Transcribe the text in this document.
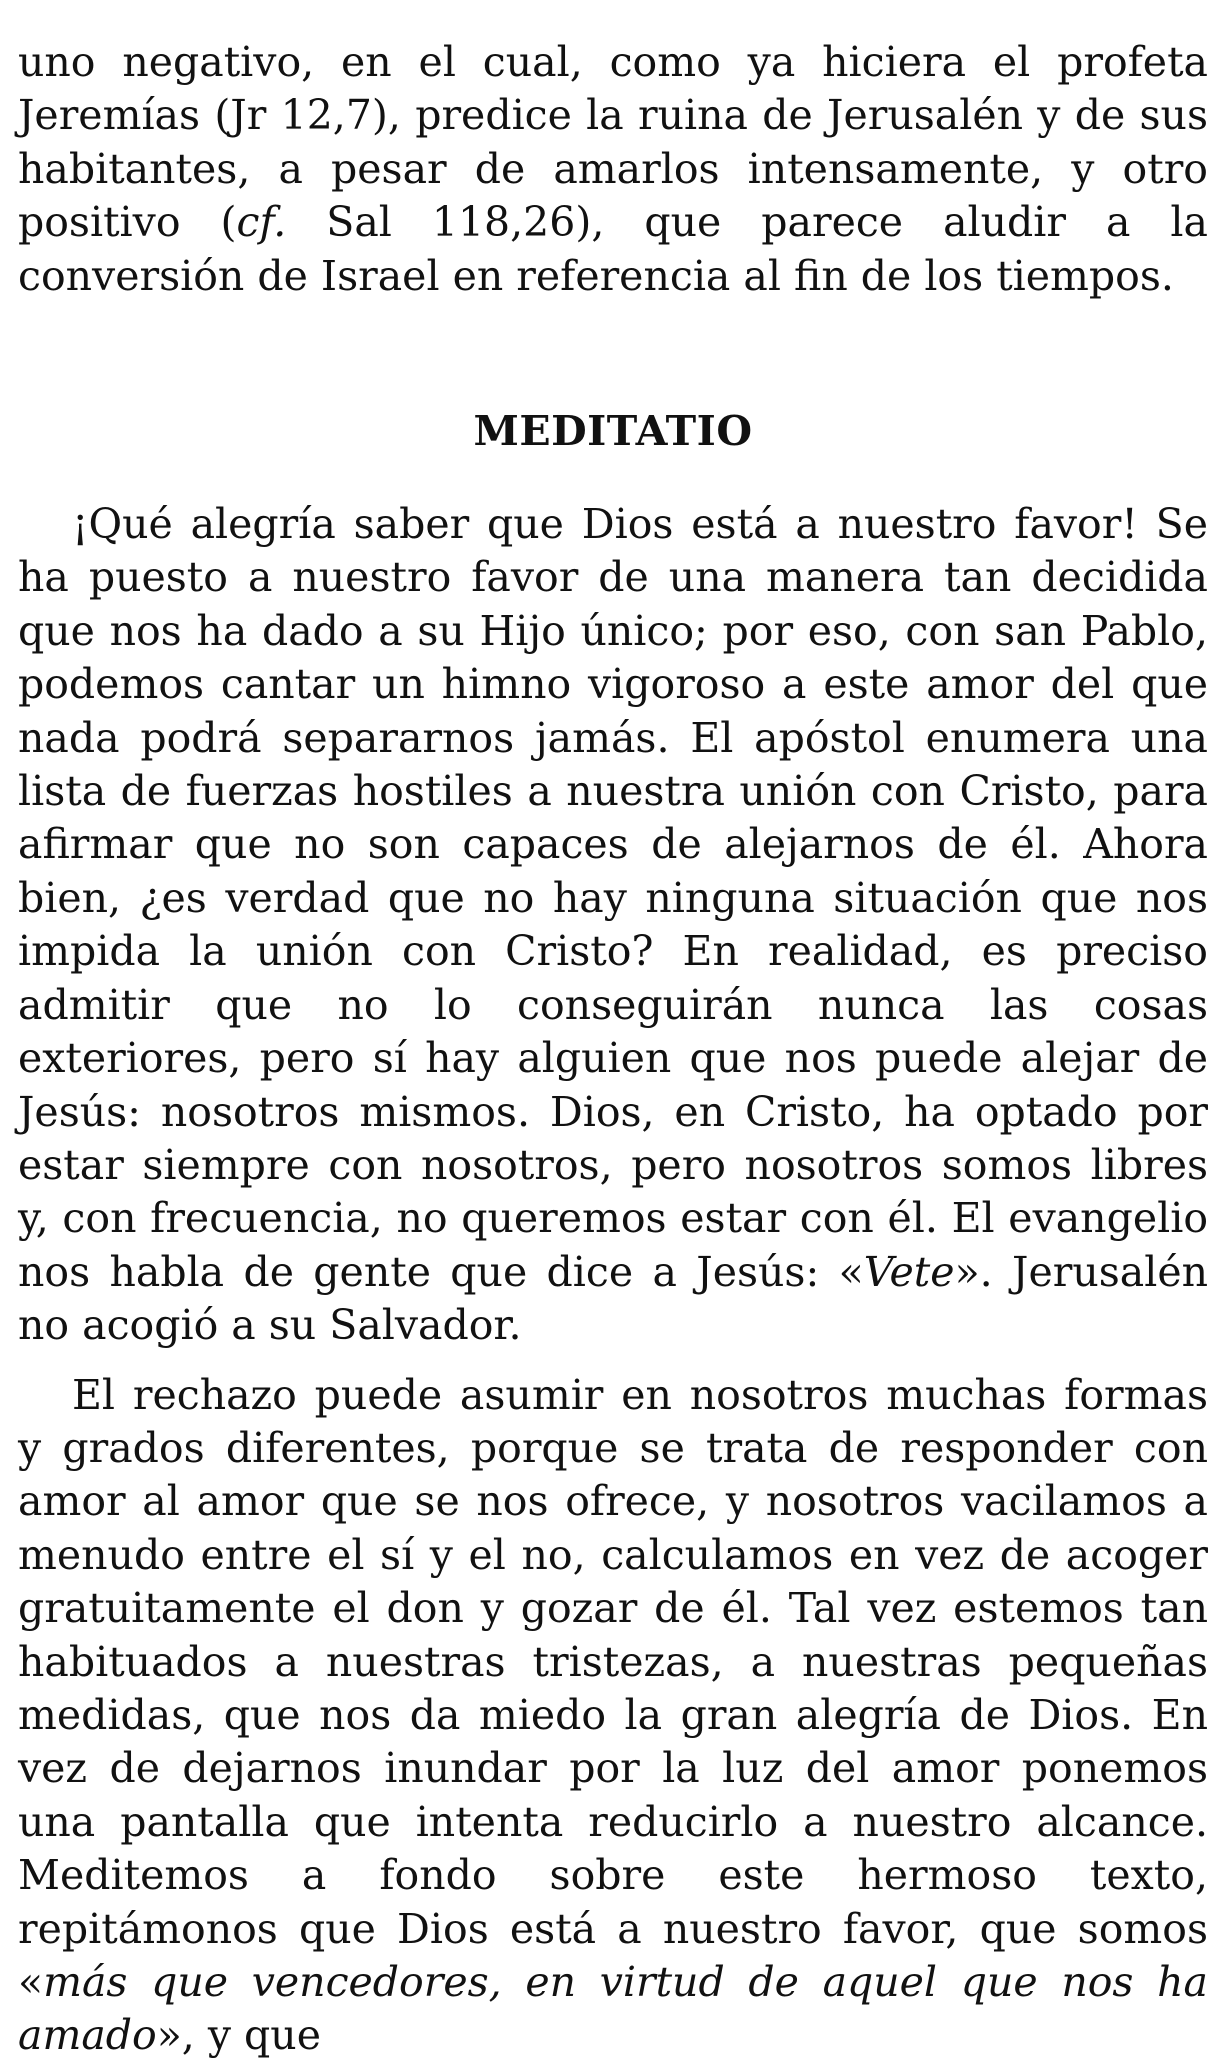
uno negativo, en el cual, como ya hiciera el profeta Jeremías (Jr 12,7), predice la ruina de Jerusalén y de sus habitantes, a pesar de amarlos intensamente, y otro positivo (cf. Sal 118,26), que parece aludir a la conversión de Israel en referencia al fin de los tiempos.

MEDITATIO

¡Qué alegría saber que Dios está a nuestro favor! Se ha puesto a nuestro favor de una manera tan decidida que nos ha dado a su Hijo único; por eso, con san Pablo, podemos cantar un himno vigoroso a este amor del que nada podrá separarnos jamás. El apóstol enumera una lista de fuerzas hostiles a nuestra unión con Cristo, para afirmar que no son capaces de alejarnos de él. Ahora bien, ¿es verdad que no hay ninguna situación que nos impida la unión con Cristo? En realidad, es preciso admitir que no lo conseguirán nunca las cosas exteriores, pero sí hay alguien que nos puede alejar de Jesús: nosotros mismos. Dios, en Cristo, ha optado por estar siempre con nosotros, pero nosotros somos libres y, con frecuencia, no queremos estar con él. El evangelio nos habla de gente que dice a Jesús: «Vete». Jerusalén no acogió a su Salvador.

El rechazo puede asumir en nosotros muchas formas y grados diferentes, porque se trata de responder con amor al amor que se nos ofrece, y nosotros vacilamos a menudo entre el sí y el no, calculamos en vez de acoger gratuitamente el don y gozar de él. Tal vez estemos tan habituados a nuestras tristezas, a nuestras pequeñas medidas, que nos da miedo la gran alegría de Dios. En vez de dejarnos inundar por la luz del amor ponemos una pantalla que intenta reducirlo a nuestro alcance. Meditemos a fondo sobre este hermoso texto, repitámonos que Dios está a nuestro favor, que somos «más que vencedores, en virtud de aquel que nos ha amado», y que
